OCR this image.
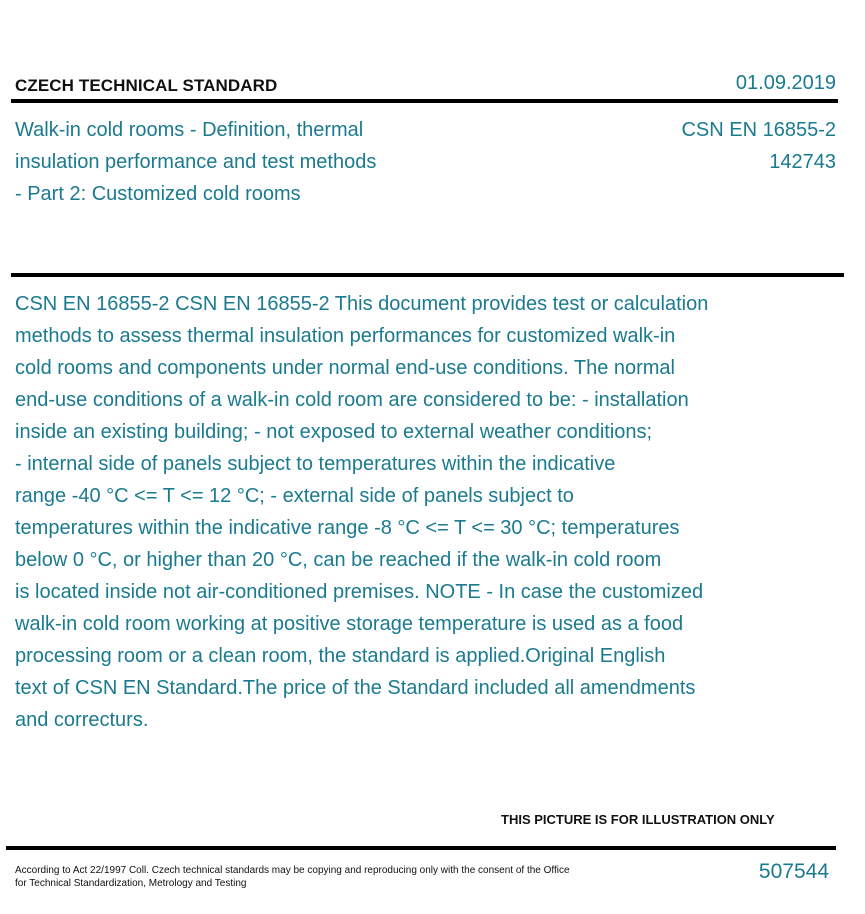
CZECH TECHNICAL STANDARD	01.09.2019
Walk-in cold rooms - Definition, thermal
insulation performance and test methods
- Part 2: Customized cold rooms
CSN EN 16855-2
142743
CSN EN 16855-2 CSN EN 16855-2 This document provides test or calculation
methods to assess thermal insulation performances for customized walk-in
cold rooms and components under normal end-use conditions. The normal
end-use conditions of a walk-in cold room are considered to be: - installation
inside an existing building; - not exposed to external weather conditions;
- internal side of panels subject to temperatures within the indicative
range -40 °C <= T <= 12 °C; - external side of panels subject to
temperatures within the indicative range -8 °C <= T <= 30 °C; temperatures
below 0 °C, or higher than 20 °C, can be reached if the walk-in cold room
is located inside not air-conditioned premises. NOTE - In case the customized
walk-in cold room working at positive storage temperature is used as a food
processing room or a clean room, the standard is applied.Original English
text of CSN EN Standard.The price of the Standard included all amendments
and correcturs.
THIS PICTURE IS FOR ILLUSTRATION ONLY
According to Act 22/1997 Coll. Czech technical standards may be copying and reproducing only with the consent of the Office
for Technical Standardization, Metrology and Testing
507544
